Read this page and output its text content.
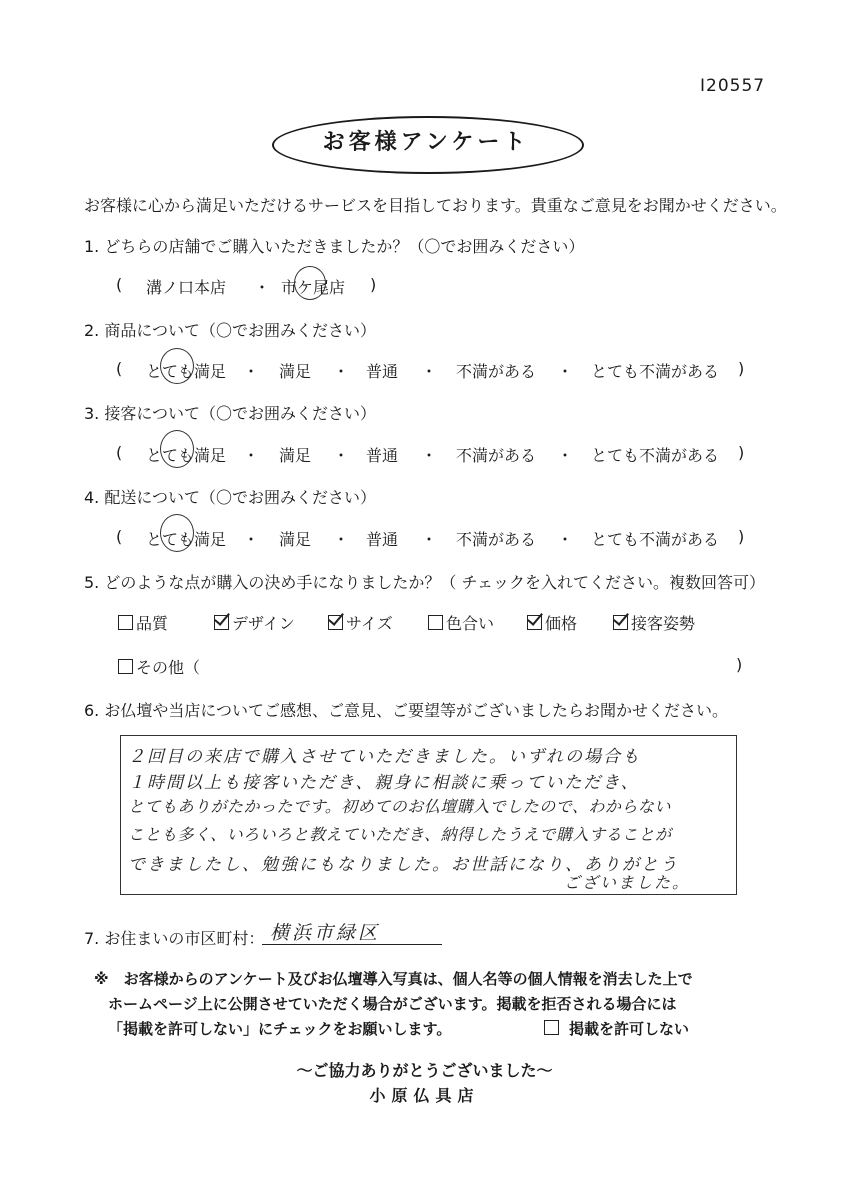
I20557
お客様アンケート
お客様に心から満足いただけるサービスを目指しております。貴重なご意見をお聞かせください。
1. どちらの店舗でご購入いただきましたか？（〇でお囲みください）
( 溝ノ口本店 ・ 市ケ尾店 )
2. 商品について（〇でお囲みください）
( とても満足 ・ 満足 ・ 普通 ・ 不満がある ・ とても不満がある )
3. 接客について（〇でお囲みください）
( とても満足 ・ 満足 ・ 普通 ・ 不満がある ・ とても不満がある )
4. 配送について（〇でお囲みください）
( とても満足 ・ 満足 ・ 普通 ・ 不満がある ・ とても不満がある )
5. どのような点が購入の決め手になりましたか？（ チェックを入れてください。複数回答可）
品質	デザイン	サイズ	色合い	価格	接客姿勢
その他（	)
6. お仏壇や当店についてご感想、ご意見、ご要望等がございましたらお聞かせください。
２回目の来店で購入させていただきました。いずれの場合も
１時間以上も接客いただき、親身に相談に乗っていただき、
とてもありがたかったです。初めてのお仏壇購入でしたので、わからない
ことも多く、いろいろと教えていただき、納得したうえで購入することが
できましたし、勉強にもなりました。お世話になり、ありがとう
ございました。
7. お住まいの市区町村： 横浜市緑区
※　お客様からのアンケート及びお仏壇導入写真は、個人名等の個人情報を消去した上で
ホームページ上に公開させていただく場合がございます。掲載を拒否される場合には
「掲載を許可しない」にチェックをお願いします。	掲載を許可しない
〜ご協力ありがとうございました〜
小原仏具店
